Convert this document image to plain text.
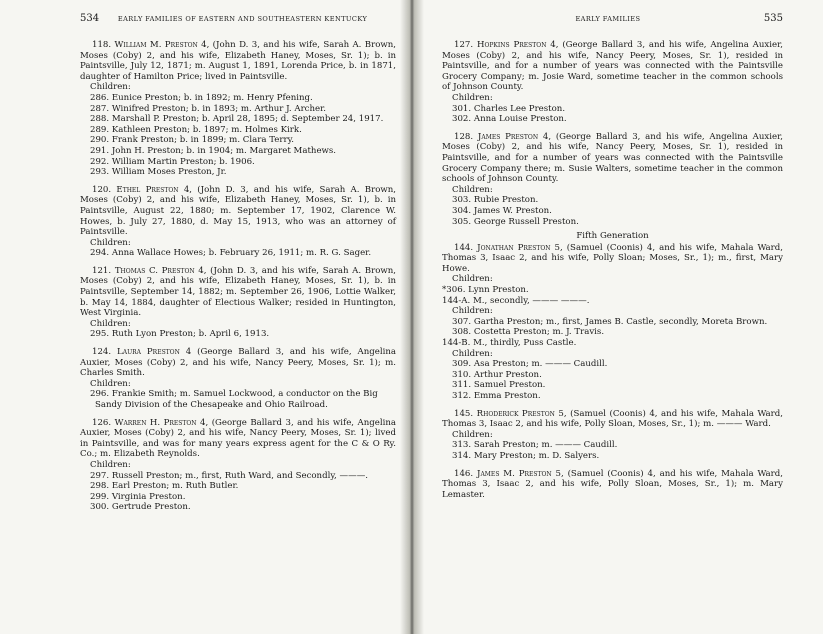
534	EARLY FAMILIES OF EASTERN AND SOUTHEASTERN KENTUCKY

118. William M. Preston 4, (John D. 3, and his wife, Sarah A. Brown, Moses (Coby) 2, and his wife, Elizabeth Haney, Moses, Sr. 1); b. in Paintsville, July 12, 1871; m. August 1, 1891, Lorenda Price, b. in 1871, daughter of Hamilton Price; lived in Paintsville.

Children:
286. Eunice Preston; b. in 1892; m. Henry Pfening.
287. Winifred Preston; b. in 1893; m. Arthur J. Archer.
288. Marshall P. Preston; b. April 28, 1895; d. September 24, 1917.
289. Kathleen Preston; b. 1897; m. Holmes Kirk.
290. Frank Preston; b. in 1899; m. Clara Terry.
291. John H. Preston; b. in 1904; m. Margaret Mathews.
292. William Martin Preston; b. 1906.
293. William Moses Preston, Jr.

120. Ethel Preston 4, (John D. 3, and his wife, Sarah A. Brown, Moses (Coby) 2, and his wife, Elizabeth Haney, Moses, Sr. 1), b. in Paintsville, August 22, 1880; m. September 17, 1902, Clarence W. Howes, b. July 27, 1880, d. May 15, 1913, who was an attorney of Paintsville.

Children:
294. Anna Wallace Howes; b. February 26, 1911; m. R. G. Sager.

121. Thomas C. Preston 4, (John D. 3, and his wife, Sarah A. Brown, Moses (Coby) 2, and his wife, Elizabeth Haney, Moses, Sr. 1), b. in Paintsville, September 14, 1882; m. September 26, 1906, Lottie Walker, b. May 14, 1884, daughter of Electious Walker; resided in Huntington, West Virginia.

Children:
295. Ruth Lyon Preston; b. April 6, 1913.

124. Laura Preston 4 (George Ballard 3, and his wife, Angelina Auxier, Moses (Coby) 2, and his wife, Nancy Peery, Moses, Sr. 1); m. Charles Smith.

Children:
296. Frankie Smith; m. Samuel Lockwood, a conductor on the Big Sandy Division of the Chesapeake and Ohio Railroad.

126. Warren H. Preston 4, (George Ballard 3, and his wife, Angelina Auxier, Moses (Coby) 2, and his wife, Nancy Peery, Moses, Sr. 1); lived in Paintsville, and was for many years express agent for the C & O Ry. Co.; m. Elizabeth Reynolds.

Children:
297. Russell Preston; m., first, Ruth Ward, and Secondly, ———.
298. Earl Preston; m. Ruth Butler.
299. Virginia Preston.
300. Gertrude Preston.
EARLY FAMILIES	535

127. Hopkins Preston 4, (George Ballard 3, and his wife, Angelina Auxier, Moses (Coby) 2, and his wife, Nancy Peery, Moses, Sr. 1), resided in Paintsville, and for a number of years was connected with the Paintsville Grocery Company; m. Josie Ward, sometime teacher in the common schools of Johnson County.

Children:
301. Charles Lee Preston.
302. Anna Louise Preston.

128. James Preston 4, (George Ballard 3, and his wife, Angelina Auxier, Moses (Coby) 2, and his wife, Nancy Peery, Moses, Sr. 1), resided in Paintsville, and for a number of years was connected with the Paintsville Grocery Company there; m. Susie Walters, sometime teacher in the common schools of Johnson County.

Children:
303. Rubie Preston.
304. James W. Preston.
305. George Russell Preston.
Fifth Generation

144. Jonathan Preston 5, (Samuel (Coonis) 4, and his wife, Mahala Ward, Thomas 3, Isaac 2, and his wife, Polly Sloan; Moses, Sr., 1); m., first, Mary Howe.

Children:
*306. Lynn Preston.
144-A. M., secondly, ——— ———.
Children:
307. Gartha Preston; m., first, James B. Castle, secondly, Moreta Brown.
308. Costetta Preston; m. J. Travis.
144-B. M., thirdly, Puss Castle.
Children:
309. Asa Preston; m. ——— Caudill.
310. Arthur Preston.
311. Samuel Preston.
312. Emma Preston.

145. Rhoderick Preston 5, (Samuel (Coonis) 4, and his wife, Mahala Ward, Thomas 3, Isaac 2, and his wife, Polly Sloan, Moses, Sr., 1); m. ——— Ward.

Children:
313. Sarah Preston; m. ——— Caudill.
314. Mary Preston; m. D. Salyers.

146. James M. Preston 5, (Samuel (Coonis) 4, and his wife, Mahala Ward, Thomas 3, Isaac 2, and his wife, Polly Sloan, Moses, Sr., 1); m. Mary Lemaster.
